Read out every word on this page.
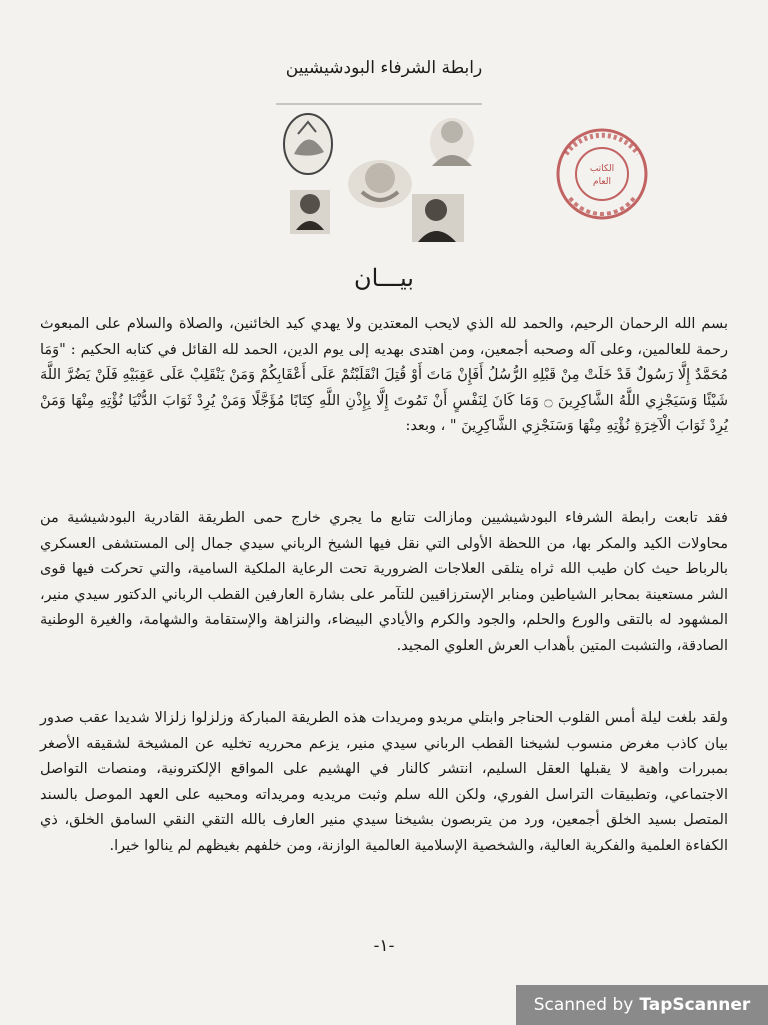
رابطة الشرفاء البودشيشيين
الكاتب
العام
بيـــان

بسم الله الرحمان الرحيم، والحمد لله الذي لايحب المعتدين ولا يهدي كيد الخائنين، والصلاة والسلام على المبعوث رحمة للعالمين، وعلى آله وصحبه أجمعين، ومن اهتدى بهديه إلى يوم الدين، الحمد لله القائل في كتابه الحكيم : "وَمَا مُحَمَّدٌ إِلَّا رَسُولٌ قَدْ خَلَتْ مِنْ قَبْلِهِ الرُّسُلُ أَفَإِنْ مَاتَ أَوْ قُتِلَ انْقَلَبْتُمْ عَلَى أَعْقَابِكُمْ وَمَنْ يَنْقَلِبْ عَلَى عَقِبَيْهِ فَلَنْ يَضُرَّ اللَّهَ شَيْئًا وَسَيَجْزِي اللَّهُ الشَّاكِرِينَ ۝ وَمَا كَانَ لِنَفْسٍ أَنْ تَمُوتَ إِلَّا بِإِذْنِ اللَّهِ كِتَابًا مُؤَجَّلًا وَمَنْ يُرِدْ ثَوَابَ الدُّنْيَا نُؤْتِهِ مِنْهَا وَمَنْ يُرِدْ ثَوَابَ الْآخِرَةِ نُؤْتِهِ مِنْهَا وَسَنَجْزِي الشَّاكِرِينَ " ، وبعد:

فقد تابعت رابطة الشرفاء البودشيشيين ومازالت تتابع ما يجري خارج حمى الطريقة القادرية البودشيشية من محاولات الكيد والمكر بها، من اللحظة الأولى التي نقل فيها الشيخ الرباني سيدي جمال إلى المستشفى العسكري بالرباط حيث كان طيب الله ثراه يتلقى العلاجات الضرورية تحت الرعاية الملكية السامية، والتي تحركت فيها قوى الشر مستعينة بمحابر الشياطين ومنابر الإسترزاقيين للتآمر على بشارة العارفين القطب الرباني الدكتور سيدي منير، المشهود له بالتقى والورع والحلم، والجود والكرم والأيادي البيضاء، والنزاهة والإستقامة والشهامة، والغيرة الوطنية الصادقة، والتشبت المتين بأهداب العرش العلوي المجيد.

ولقد بلغت ليلة أمس القلوب الحناجر وابتلي مريدو ومريدات هذه الطريقة المباركة وزلزلوا زلزالا شديدا عقب صدور بيان كاذب مغرض منسوب لشيخنا القطب الرباني سيدي منير، يزعم محرريه تخليه عن المشيخة لشقيقه الأصغر بمبررات واهية لا يقبلها العقل السليم، انتشر كالنار في الهشيم على المواقع الإلكترونية، ومنصات التواصل الاجتماعي، وتطبيقات التراسل الفوري، ولكن الله سلم وثبت مريديه ومريداته ومحبيه على العهد الموصل بالسند المتصل بسيد الخلق أجمعين، ورد من يتربصون بشيخنا سيدي منير العارف بالله التقي النقي السامق الخلق، ذي الكفاءة العلمية والفكرية العالية، والشخصية الإسلامية العالمية الوازنة، ومن خلفهم بغيظهم لم ينالوا خيرا.

-١-
Scanned by TapScanner
